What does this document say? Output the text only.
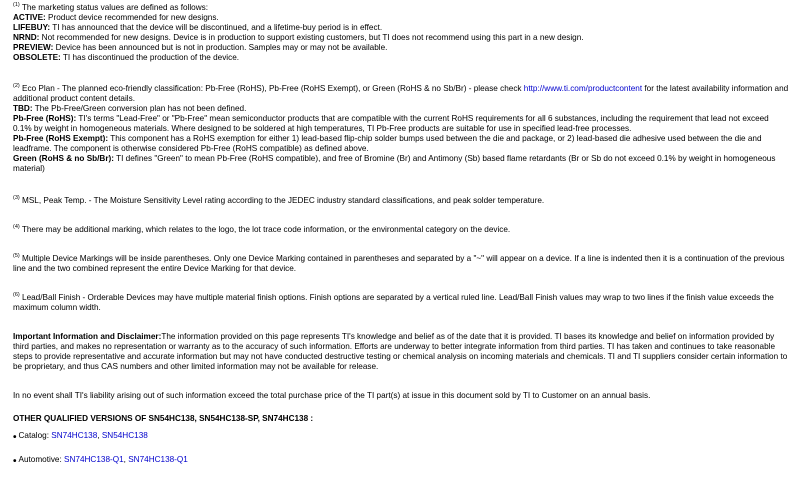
$^{(1)}$ The marketing status values are defined as follows:

ACTIVE: Product device recommended for new designs.

LIFEBUY: TI has announced that the device will be discontinued, and a lifetime-buy period is in effect.

NRND: Not recommended for new designs. Device is in production to support existing customers, but TI does not recommend using this part in a new design.

PREVIEW: Device has been announced but is not in production. Samples may or may not be available.

OBSOLETE: TI has discontinued the production of the device.

$^{(2)}$ Eco Plan - The planned eco-friendly classification: Pb-Free (RoHS), Pb-Free (RoHS Exempt), or Green (RoHS & no Sb/Br) - please check http://www.ti.com/productcontent for the latest availability information and additional product content details.

TBD: The Pb-Free/Green conversion plan has not been defined.

Pb-Free (RoHS): TI's terms "Lead-Free" or "Pb-Free" mean semiconductor products that are compatible with the current RoHS requirements for all 6 substances, including the requirement that lead not exceed 0.1% by weight in homogeneous materials. Where designed to be soldered at high temperatures, TI Pb-Free products are suitable for use in specified lead-free processes.

Pb-Free (RoHS Exempt): This component has a RoHS exemption for either 1) lead-based flip-chip solder bumps used between the die and package, or 2) lead-based die adhesive used between the die and leadframe. The component is otherwise considered Pb-Free (RoHS compatible) as defined above.

Green (RoHS & no Sb/Br): TI defines "Green" to mean Pb-Free (RoHS compatible), and free of Bromine (Br) and Antimony (Sb) based flame retardants (Br or Sb do not exceed 0.1% by weight in homogeneous material)

$^{(3)}$ MSL, Peak Temp. - The Moisture Sensitivity Level rating according to the JEDEC industry standard classifications, and peak solder temperature.

$^{(4)}$ There may be additional marking, which relates to the logo, the lot trace code information, or the environmental category on the device.

$^{(5)}$ Multiple Device Markings will be inside parentheses. Only one Device Marking contained in parentheses and separated by a "~" will appear on a device. If a line is indented then it is a continuation of the previous line and the two combined represent the entire Device Marking for that device.

$^{(6)}$ Lead/Ball Finish - Orderable Devices may have multiple material finish options. Finish options are separated by a vertical ruled line. Lead/Ball Finish values may wrap to two lines if the finish value exceeds the maximum column width.

Important Information and Disclaimer:The information provided on this page represents TI's knowledge and belief as of the date that it is provided. TI bases its knowledge and belief on information provided by third parties, and makes no representation or warranty as to the accuracy of such information. Efforts are underway to better integrate information from third parties. TI has taken and continues to take reasonable steps to provide representative and accurate information but may not have conducted destructive testing or chemical analysis on incoming materials and chemicals. TI and TI suppliers consider certain information to be proprietary, and thus CAS numbers and other limited information may not be available for release.

In no event shall TI's liability arising out of such information exceed the total purchase price of the TI part(s) at issue in this document sold by TI to Customer on an annual basis.

OTHER QUALIFIED VERSIONS OF SN54HC138, SN54HC138-SP, SN74HC138 :

• Catalog: SN74HC138, SN54HC138

• Automotive: SN74HC138-Q1, SN74HC138-Q1
